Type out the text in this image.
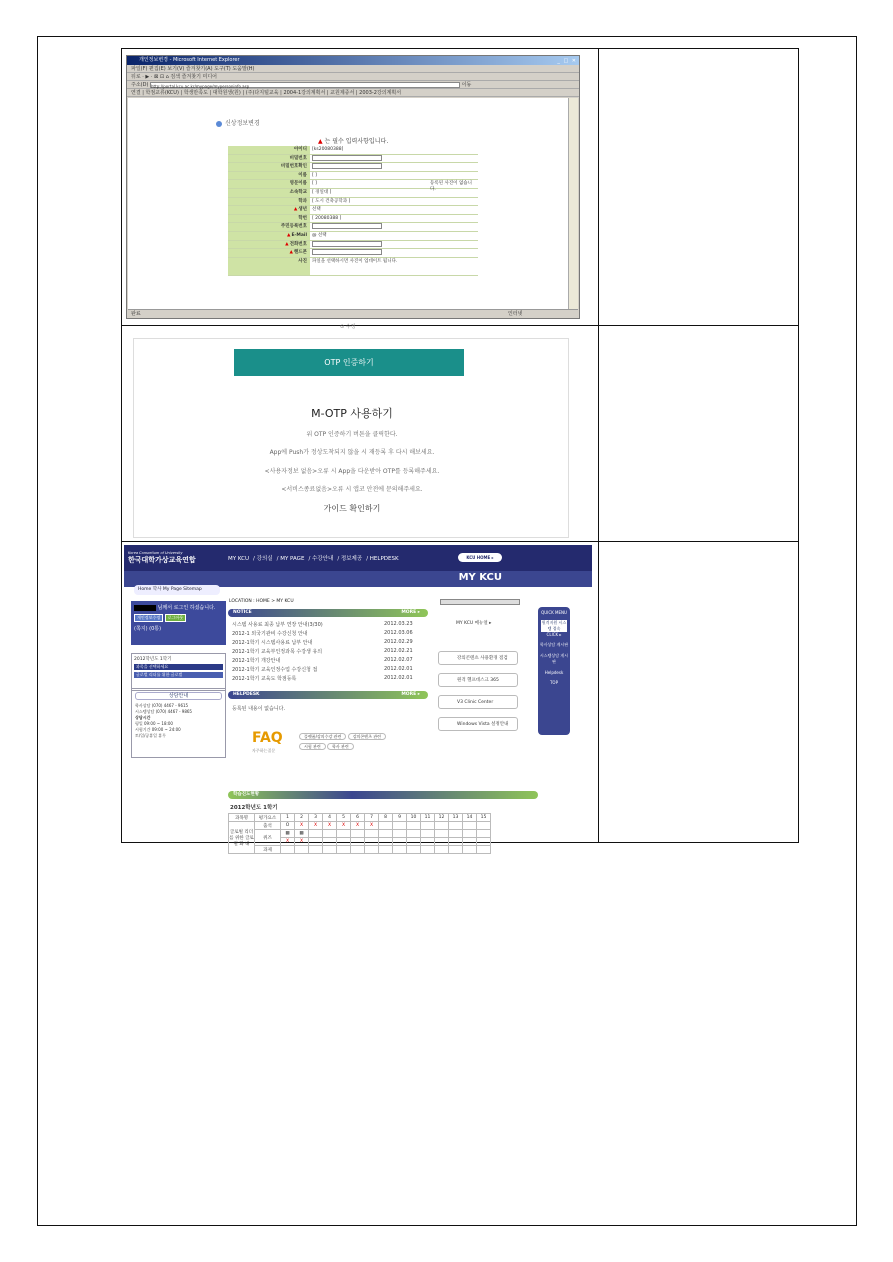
개인정보변경 - Microsoft Internet Explorer	_ □ ✕
파일(F) 편집(E) 보기(V) 즐겨찾기(A) 도구(T) 도움말(H)
뒤로 · ▶ · ⊠ ⊡ ⌂ 검색 즐겨찾기 미디어
주소(D) http://portal.kcu.ac.kr/mypage/mypersoninfo.asp	이동
연결 | 학점교류(KCU) | 학생만족도 | 대학원생(원) | (주)다지털교육 | 2004-1강의계획서 | 교원제증서 | 2003-2강의계획서
신상정보변경
▲ 는 필수 입력사항입니다.
아이디	[ks20080388]
비밀번호
비밀번호확인
이름	[ ]
영문이름	[ ]
소속학교	[ 경일대 ]
학과	[ 도시 건축공학과 ]
▲ 생년	선택
학번	[ 20080388 ]
주민등록번호
▲ E-Mail	@ 선택
▲ 전화번호
▲ 핸드폰
사진	파일을 선택하시면 사진이 업데이트 됩니다.
등록된 사진이 없습니다.
⊙ 수정
완료	인터넷
OTP 인증하기
M-OTP 사용하기
위 OTP 인증하기 버튼을 클릭한다.
App에 Push가 정상도착되지 않을 시 재등록 후 다시 해보세요.
<사용자정보 없음>오류 시 App을 다운받아 OTP를 등록해주세요.
<서비스종료없음>오류 시 앱코 안전에 문의해주세요.
가이드 확인하기
Korea Consortium of University
한국대학가상교육연합	MY KCU / 강의실 / MY PAGE / 수강안내 / 정보제공 / HELPDESK	KCU HOME ▸
MY KCU
Home 학사 My Page Sitemap
님께서 로그인 하셨습니다.
개인정보수정 로그아웃
(쪽지) (0통)
2012학년도 1학기
과목을 선택하세요
글로벌 리더를 위한 글로벌
상담안내
학사상담 (070) 4467 - 9615
시스템상담 (070) 4467 - 9865
상담시간
평일 09:00 ~ 18:00
시험기간 09:00 ~ 24:00
토/일/공휴일 휴무
LOCATION : HOME > MY KCU
NOTICE	MORE ▸
시스템 사용료 최종 납부 연장 안내(3/30)	2012.03.23
2012-1 외국기관비 수강신청 안내	2012.03.06
2012-1학기 시스템사용료 납부 안내	2012.02.29
2012-1학기 교육부인정과목 수강생 유의	2012.02.21
2012-1학기 개강안내	2012.02.07
2012-1학기 교육인정수업 수강신청 접	2012.02.01
2012-1학기 교육도 학점등록	2012.02.01
HELPDESK	MORE ▸
등록된 내용이 없습니다.
FAQ
자주하는질문
플랫폼/강의수강 관련	강의콘텐츠 관련
시험 관련	학사 관련
MY KCU 메뉴얼 ▸
강의콘텐츠 사용환경 점검
원격 헬프데스크 365
V3 Clinic Center
Windows Vista 설정안내
QUICK MENU

원격지원 시스템 접속
CLICK ▸

학사상담 게시판

시스템상담 게시판

Helpdesk

TOP
학습진도현황
2012학년도 1학기
과목명	평가요소	1	2	3	4	5	6	7	8	9	10	11	12	13	14	15
글로벌 리더를 위한 글로벌 화 내	출석	O	X	X	X	X	X	X								
	퀴즈	▩	▩													
		X	X													
	과제															
